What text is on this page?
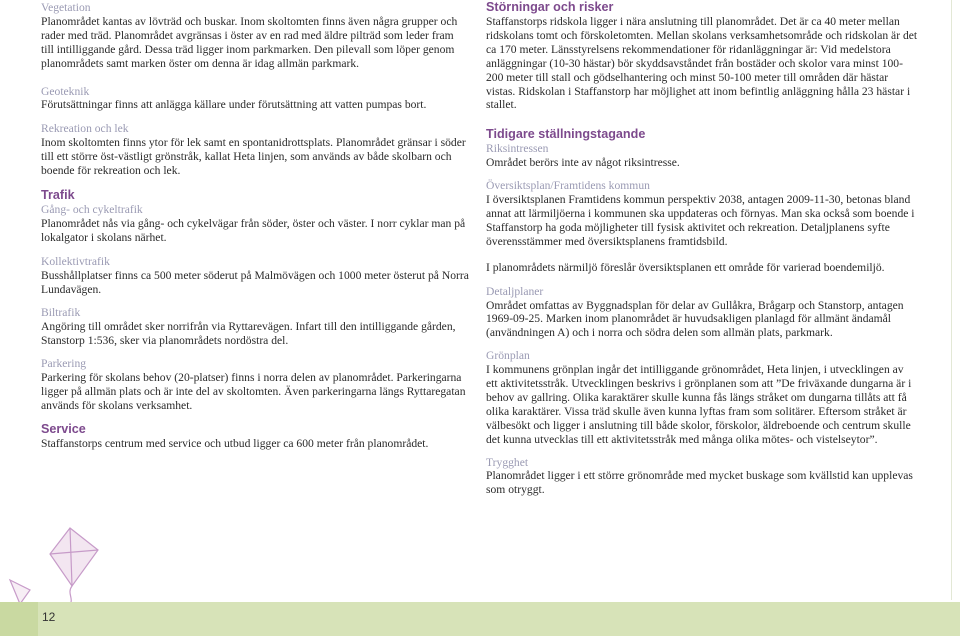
Vegetation

Planområdet kantas av lövträd och buskar. Inom skoltomten finns även några grupper och rader med träd. Planområdet avgränsas i öster av en rad med äldre pilträd som leder fram till intilliggande gård. Dessa träd ligger inom parkmarken. Den pilevall som löper genom planområdets samt marken öster om denna är idag allmän parkmark.

Geoteknik

Förutsättningar finns att anlägga källare under förutsättning att vatten pumpas bort.

Rekreation och lek

Inom skoltomten finns ytor för lek samt en spontanidrottsplats. Planområdet gränsar i söder till ett större öst-västligt grönstråk, kallat Heta linjen, som används av både skolbarn och boende för rekreation och lek.

Trafik

Gång- och cykeltrafik

Planområdet nås via gång- och cykelvägar från söder, öster och väster. I norr cyklar man på lokalgator i skolans närhet.

Kollektivtrafik

Busshållplatser finns ca 500 meter söderut på Malmövägen och 1000 meter österut på Norra Lundavägen.

Biltrafik

Angöring till området sker norrifrån via Ryttarevägen. Infart till den intilliggande gården, Stanstorp 1:536, sker via planområdets nordöstra del.

Parkering

Parkering för skolans behov (20-platser) finns i norra delen av planområdet. Parkeringarna ligger på allmän plats och är inte del av skoltomten. Även parkeringarna längs Ryttaregatan används för skolans verksamhet.

Service

Staffanstorps centrum med service och utbud ligger ca 600 meter från planområdet.

Störningar och risker

Staffanstorps ridskola ligger i nära anslutning till planområdet. Det är ca 40 meter mellan ridskolans tomt och förskoletomten. Mellan skolans verksamhetsområde och ridskolan är det ca 170 meter. Länsstyrelsens rekommendationer för ridanläggningar är: Vid medelstora anläggningar (10-30 hästar) bör skyddsavståndet från bostäder och skolor vara minst 100-200 meter till stall och gödselhantering och minst 50-100 meter till områden där hästar vistas. Ridskolan i Staffanstorp har möjlighet att inom befintlig anläggning hålla 23 hästar i stallet.

Tidigare ställningstagande

Riksintressen

Området berörs inte av något riksintresse.

Översiktsplan/Framtidens kommun

I översiktsplanen Framtidens kommun perspektiv 2038, antagen 2009-11-30, betonas bland annat att lärmiljöerna i kommunen ska uppdateras och förnyas. Man ska också som boende i Staffanstorp ha goda möjligheter till fysisk aktivitet och rekreation. Detaljplanens syfte överensstämmer med översiktsplanens framtidsbild.

I planområdets närmiljö föreslår översiktsplanen ett område för varierad boendemiljö.

Detaljplaner

Området omfattas av Byggnadsplan för delar av Gullåkra, Brågarp och Stanstorp, antagen 1969-09-25. Marken inom planområdet är huvudsakligen planlagd för allmänt ändamål (användningen A) och i norra och södra delen som allmän plats, parkmark.

Grönplan

I kommunens grönplan ingår det intilliggande grönområdet, Heta linjen, i utvecklingen av ett aktivitetsstråk. Utvecklingen beskrivs i grönplanen som att ”De friväxande dungarna är i behov av gallring. Olika karaktärer skulle kunna fås längs stråket om dungarna tillåts att få olika karaktärer. Vissa träd skulle även kunna lyftas fram som solitärer. Eftersom stråket är välbesökt och ligger i anslutning till både skolor, förskolor, äldreboende och centrum skulle det kunna utvecklas till ett aktivitetsstråk med många olika mötes- och vistelseytor”.

Trygghet

Planområdet ligger i ett större grönområde med mycket buskage som kvällstid kan upplevas som otryggt.

12
